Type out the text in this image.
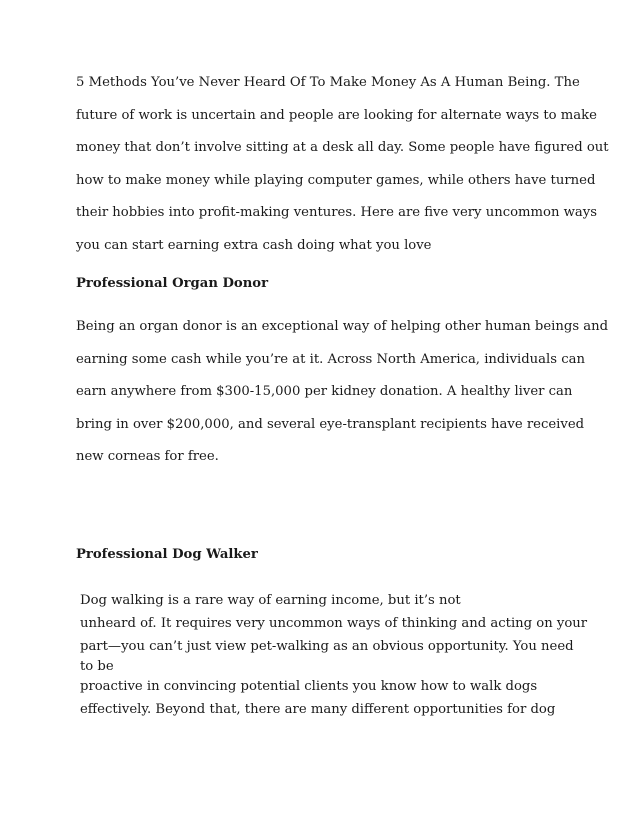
5 Methods You’ve Never Heard Of To Make Money As A Human Being. The
future of work is uncertain and people are looking for alternate ways to make
money that don’t involve sitting at a desk all day. Some people have figured out
how to make money while playing computer games, while others have turned
their hobbies into profit-making ventures. Here are five very uncommon ways
you can start earning extra cash doing what you love
Professional Organ Donor
Being an organ donor is an exceptional way of helping other human beings and
earning some cash while you’re at it. Across North America, individuals can
earn anywhere from $300-15,000 per kidney donation. A healthy liver can
bring in over $200,000, and several eye-transplant recipients have received
new corneas for free.
Professional Dog Walker
Dog walking is a rare way of earning income, but it’s not
unheard of. It requires very uncommon ways of thinking and acting on your
part—you can’t just view pet-walking as an obvious opportunity. You need
to be
proactive in convincing potential clients you know how to walk dogs
effectively. Beyond that, there are many different opportunities for dog
